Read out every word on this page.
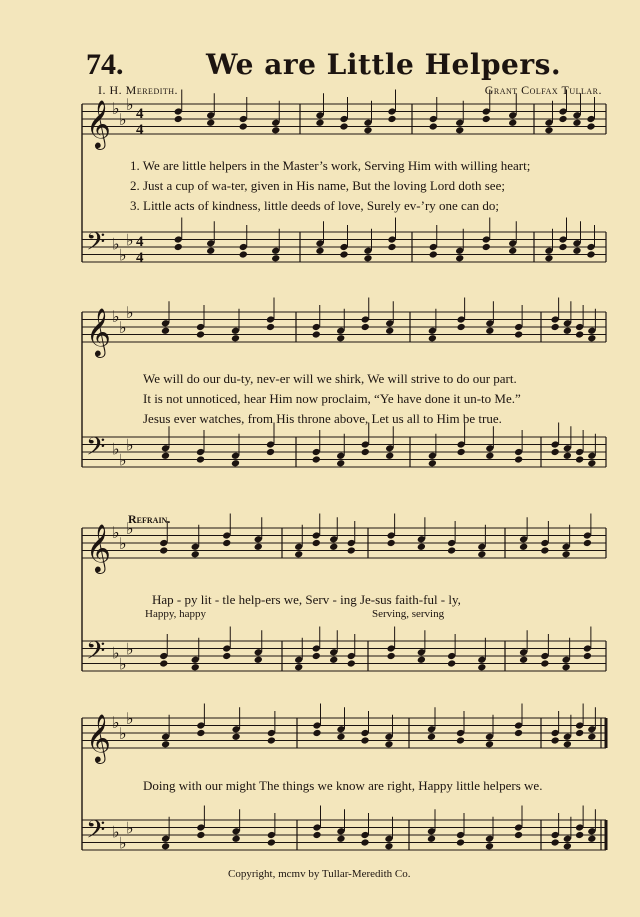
74.	We are Little Helpers.
I. H. Meredith.	Grant Colfax Tullar.
𝄞 ♭
♭
♭ 4
4
𝄢 ♭
♭
♭ 4
4
𝄞 ♭
♭
♭
𝄢 ♭
♭
♭
𝄞 ♭
♭
♭
𝄢 ♭
♭
♭
𝄞 ♭
♭
♭
𝄢 ♭
♭
♭
1. We are little helpers in the Master’s work, Serving Him with willing heart;
2. Just a cup of wa-ter, given in His name, But the loving Lord doth see;
3. Little acts of kindness, little deeds of love, Surely ev-’ry one can do;
We will do our du-ty, nev-er will we shirk, We will strive to do our part.
It is not unnoticed, hear Him now proclaim, “Ye have done it un-to Me.”
Jesus ever watches, from His throne above, Let us all to Him be true.
Refrain.
Hap - py lit - tle help-ers we, Serv - ing Je-sus faith-ful - ly,
Happy, happy	Serving, serving
Doing with our might The things we know are right, Happy little helpers we.
Copyright, mcmv by Tullar-Meredith Co.
